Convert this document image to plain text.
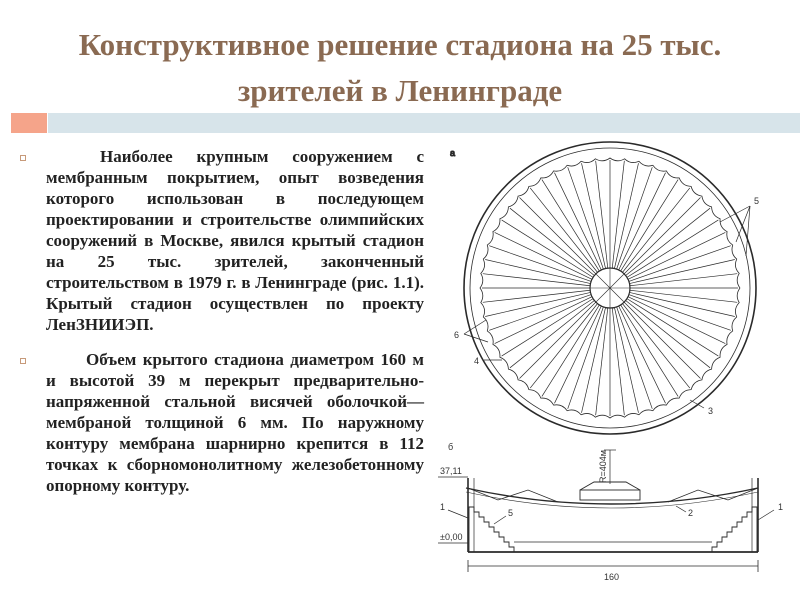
Конструктивное решение стадиона на 25 тыс. зрителей в Ленинграде
Наиболее крупным сооружением с мембранным покрытием, опыт возведения которого использован в последующем проектировании и строительстве олимпийских сооружений в Москве, явился крытый стадион на 25 тыс. зрителей, законченный строительством в 1979 г. в Ленинграде (рис. 1.1). Крытый стадион осуществлен по проекту ЛенЗНИИЭП.
Объем крытого стадиона диаметром 160 м и высотой 39 м перекрыт предварительно-напряженной стальной висячей оболочкой—мембраной толщиной 6 мм. По наружному контуру мембрана шарнирно крепится в 112 точках к сборномонолитному железобетонному опорному контуру.
а
5
6
4
3
б
R=404м
37,11
±0,00
160
1
5	2
1
